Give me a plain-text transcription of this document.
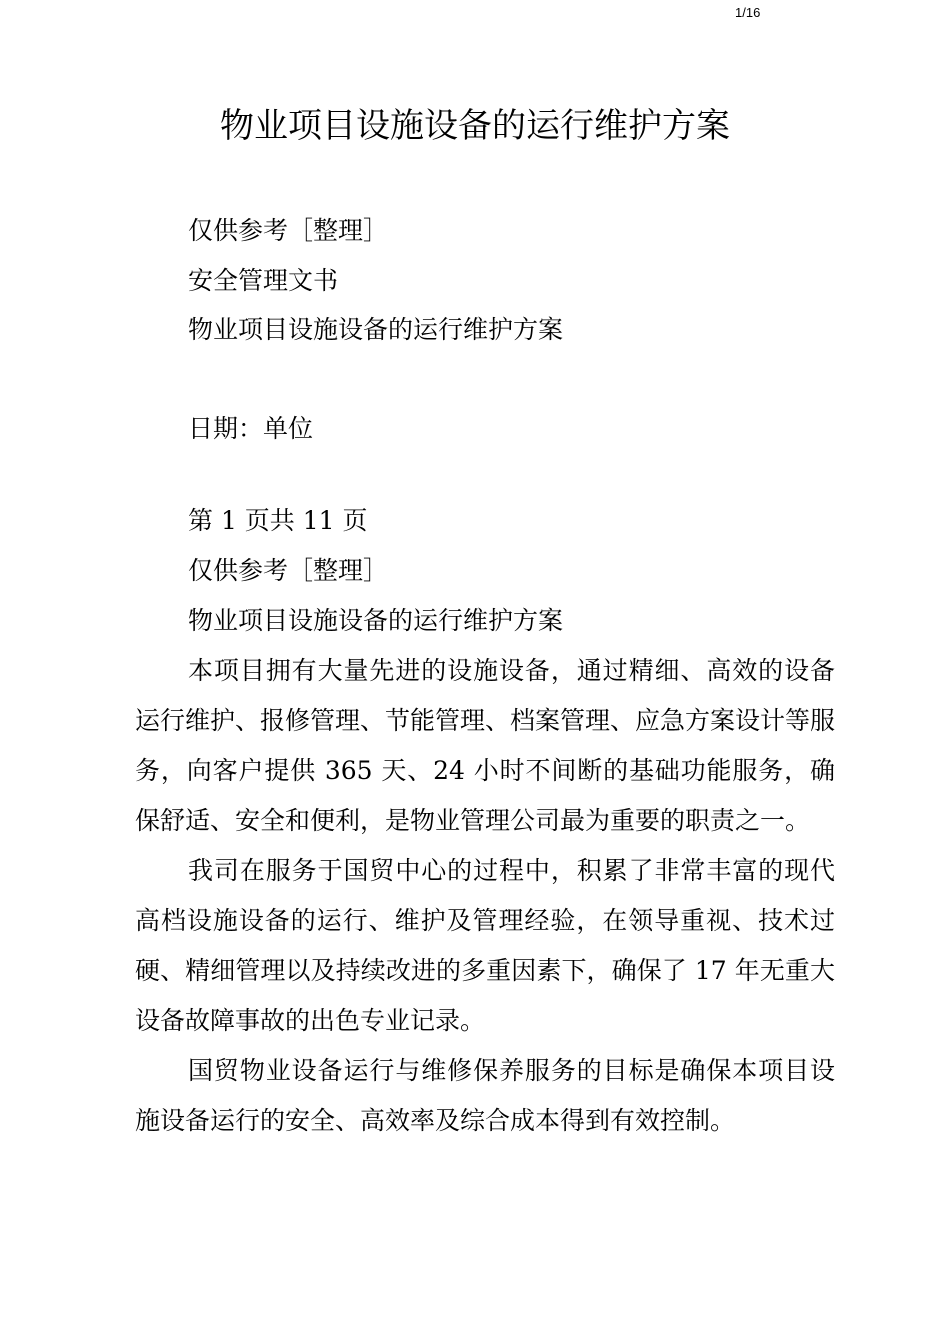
1/16
物业项目设施设备的运行维护方案

仅供参考［整理］

安全管理文书

物业项目设施设备的运行维护方案

日期：单位

第 1 页共 11 页

仅供参考［整理］

物业项目设施设备的运行维护方案

本项目拥有大量先进的设施设备，通过精细、高效的设备运行维护、报修管理、节能管理、档案管理、应急方案设计等服务，向客户提供 365 天、24 小时不间断的基础功能服务，确保舒适、安全和便利，是物业管理公司最为重要的职责之一。

我司在服务于国贸中心的过程中，积累了非常丰富的现代高档设施设备的运行、维护及管理经验，在领导重视、技术过硬、精细管理以及持续改进的多重因素下，确保了 17 年无重大设备故障事故的出色专业记录。

国贸物业设备运行与维修保养服务的目标是确保本项目设施设备运行的安全、高效率及综合成本得到有效控制。
